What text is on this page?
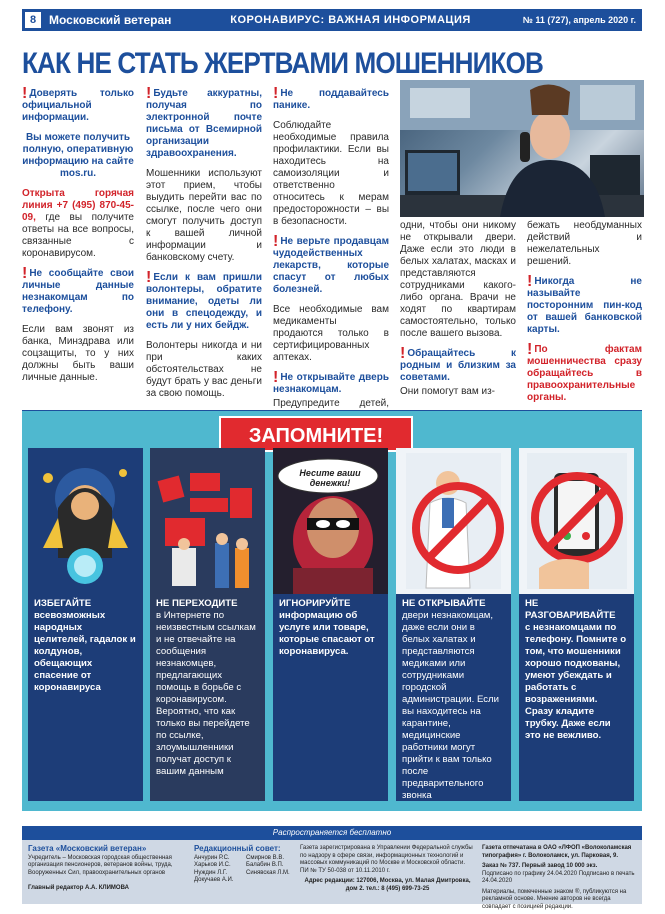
8	Московский ветеран	КОРОНАВИРУС: ВАЖНАЯ ИНФОРМАЦИЯ	№ 11 (727), апрель 2020 г.
КАК НЕ СТАТЬ ЖЕРТВАМИ МОШЕННИКОВ

! Доверять только официальной информации.

Вы можете получить полную, оперативную информацию на сайте mos.ru.

Открыта горячая линия +7 (495) 870-45-09, где вы получите ответы на все вопросы, связанные с коронавирусом.

! Не сообщайте свои личные данные незнакомцам по телефону.

Если вам звонят из банка, Минздрава или соцзащиты, то у них должны быть ваши личные данные.

! Будьте аккуратны, получая по электронной почте письма от Всемирной организации здравоохранения.

Мошенники используют этот прием, чтобы выудить перейти вас по ссылке, после чего они смогут получить доступ к вашей личной информации и банковскому счету.

! Если к вам пришли волонтеры, обратите внимание, одеты ли они в спецодежду, и есть ли у них бейдж.

Волонтеры никогда и ни при каких обстоятельствах не будут брать у вас деньги за свою помощь.

! Не поддавайтесь панике.

Соблюдайте необходимые правила профилактики. Если вы находитесь на самоизоляции и ответственно относитесь к мерам предосторожности – вы в безопасности.

! Не верьте продавцам чудодейственных лекарств, которые спасут от любых болезней.

Все необходимые вам медикаменты продаются только в сертифицированных аптеках.

! Не открывайте дверь незнакомцам.

Предупредите детей,

одни, чтобы они никому не открывали двери. Даже если это люди в белых халатах, масках и представляются сотрудниками какого-либо органа. Врачи не ходят по квартирам самостоятельно, только после вашего вызова.

! Обращайтесь к родным и близким за советами.

Они помогут вам из-

бежать необдуманных действий и нежелательных решений.

! Никогда не называйте посторонним пин-код от вашей банковской карты.

! По фактам мошенничества сразу обращайтесь в правоохранительные органы.

ЗАПОМНИТЕ!
ИЗБЕГАЙТЕ
всевозможных народных целителей, гадалок и колдунов, обещающих спасение от коронавируса
НЕ ПЕРЕХОДИТЕ
в Интернете по неизвестным ссылкам и не отвечайте на сообщения незнакомцев, предлагающих помощь в борьбе с коронавирусом. Вероятно, что как только вы перейдете по ссылке, злоумышленники получат доступ к вашим данным
Несите ваши денежки!
ИГНОРИРУЙТЕ
информацию об услуге или товаре, которые спасают от коронавируса.
НЕ ОТКРЫВАЙТЕ
двери незнакомцам, даже если они в белых халатах и представляются медиками или сотрудниками городской администрации. Если вы находитесь на карантине, медицинские работники могут прийти к вам только после предварительного звонка
НЕ РАЗГОВАРИВАЙТЕ
с незнакомцами по телефону. Помните о том, что мошенники хорошо подкованы, умеют убеждать и работать с возражениями. Сразу кладите трубку. Даже если это не вежливо.
Распространяется бесплатно
Газета «Московский ветеран»
Учредитель – Московская городская общественная организация пенсионеров, ветеранов войны, труда, Вооруженных Сил, правоохранительных органов
Главный редактор А.А. КЛИМОВА
Редакционный совет:
Анчурин Р.С. Харьков И.С. Нуждин Л.Г. Докучаев А.И.
Смирнов В.В. Балабин В.П. Синявская Л.М.
Газета зарегистрирована в Управлении Федеральной службы по надзору в сфере связи, информационных технологий и массовых коммуникаций по Москве и Московской области. ПИ № ТУ 50-038 от 10.11.2010 г.
Адрес редакции: 127006, Москва, ул. Малая Дмитровка, дом 2. тел.: 8 (495) 699-73-25
Газета отпечатана в ОАО «ЛФОП «Волоколамская типография» г. Волоколамск, ул. Парковая, 9.
Заказ № 737. Первый завод 10 000 экз.
Подписано по графику 24.04.2020 Подписано в печать 24.04.2020
Материалы, помеченные знаком ®, публикуются на рекламной основе. Мнение авторов не всегда совпадает с позицией редакции.
